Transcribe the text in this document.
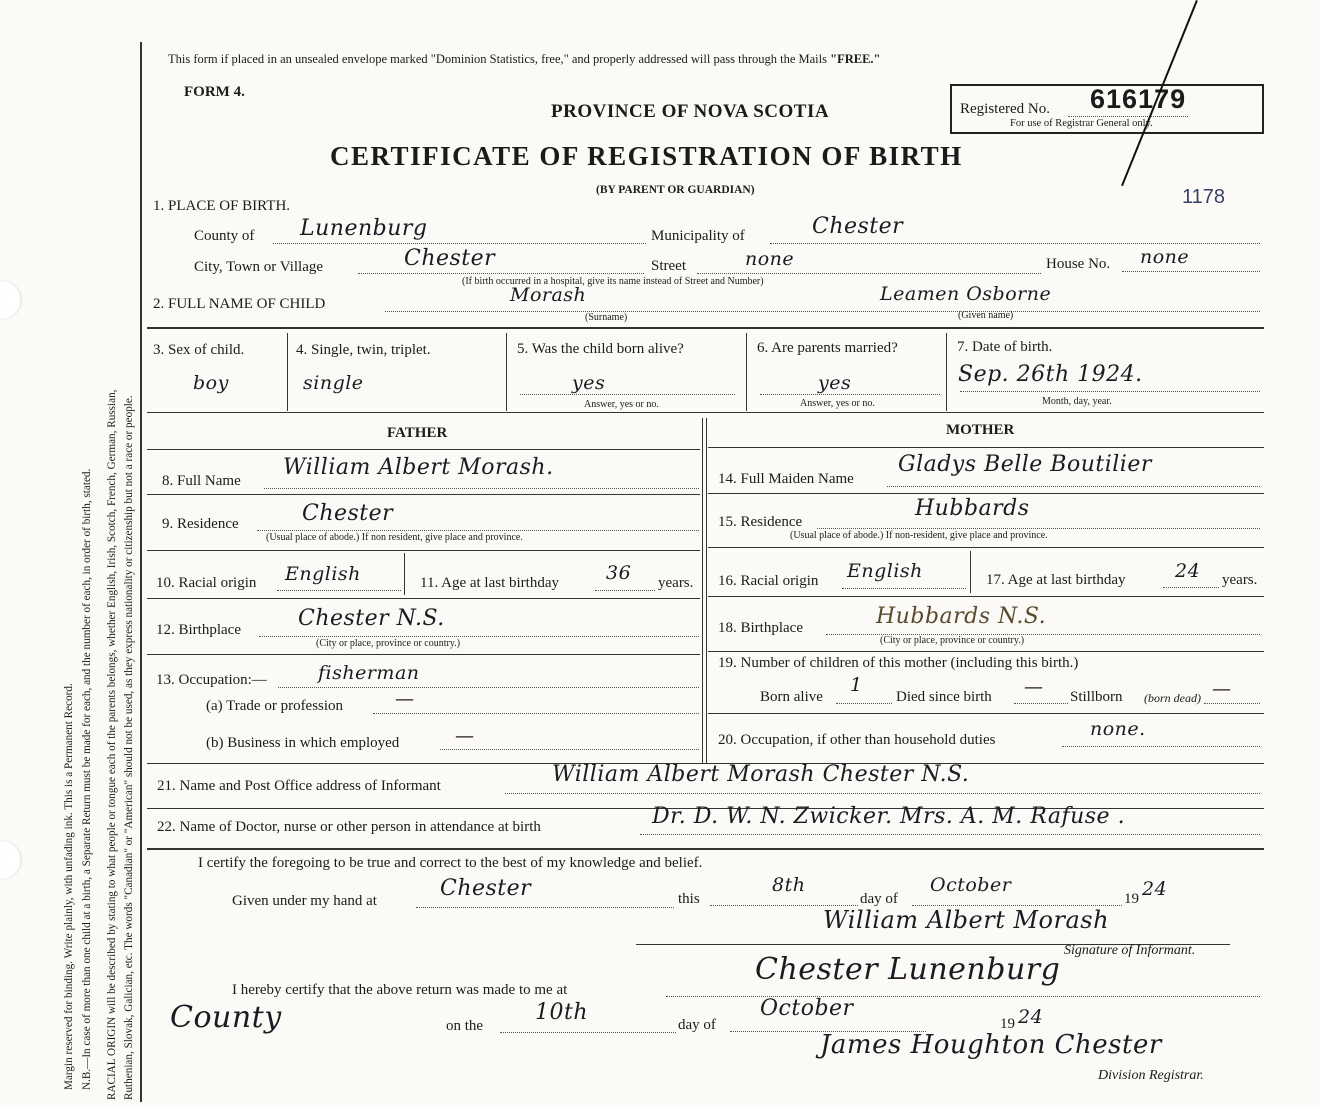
Margin reserved for binding. Write plainly, with unfading ink. This is a Permanent Record. N.B.—In case of more than one child at a birth, a Separate Return must be made for each, and the number of each, in order of birth, stated. RACIAL ORIGIN will be described by stating to what people or tongue each of the parents belongs, whether English, Irish, Scotch, French, German, Russian, Ruthenian, Slovak, Galician, etc. The words "Canadian" or "American" should not be used, as they express nationality or citizenship but not a race or people.
This form if placed in an unsealed envelope marked "Dominion Statistics, free," and properly addressed will pass through the Mails "FREE."
FORM 4.
PROVINCE OF NOVA SCOTIA
CERTIFICATE OF REGISTRATION OF BIRTH
(BY PARENT OR GUARDIAN)
Registered No. 616179
For use of Registrar General only.
1178
1. PLACE OF BIRTH.
County of Lunenburg	Municipality of	Chester
City, Town or Village	Chester	Street	none
(If birth occurred in a hospital, give its name instead of Street and Number)
House No. none
2. FULL NAME OF CHILD	Morash	Leamen Osborne
(Surname)	(Given name)
3. Sex of child.
boy
4. Single, twin, triplet.
single
5. Was the child born alive?
yes
Answer, yes or no.
6. Are parents married?
yes
Answer, yes or no.
7. Date of birth.
Sep. 26th 1924.
Month, day, year.
FATHER	MOTHER
8. Full Name
William Albert Morash.
9. Residence	Chester
(Usual place of abode.) If non resident, give place and province.
10. Racial origin English	11. Age at last birthday 36 years.
12. Birthplace	Chester N.S.
(City or place, province or country.)
13. Occupation:—	fisherman
(a) Trade or profession	—
(b) Business in which employed	—
14. Full Maiden Name
Gladys Belle Boutilier
15. Residence
Hubbards
(Usual place of abode.) If non-resident, give place and province.
16. Racial origin English	17. Age at last birthday	24 years.
18. Birthplace	Hubbards N.S.
(City or place, province or country.)
19. Number of children of this mother (including this birth.)
Born alive
1
Died since birth — Stillborn (born dead) —
20. Occupation, if other than household duties	none.
21. Name and Post Office address of Informant	William Albert Morash Chester N.S.
22. Name of Doctor, nurse or other person in attendance at birth	Dr. D. W. N. Zwicker. Mrs. A. M. Rafuse .
I certify the foregoing to be true and correct to the best of my knowledge and belief.
Given under my hand at	Chester	this
8th
day of
October
19 24
William Albert Morash
Signature of Informant.
I hereby certify that the above return was made to me at
Chester Lunenburg
County	on the
10th	day of
October
19 24
James Houghton Chester
Division Registrar.
